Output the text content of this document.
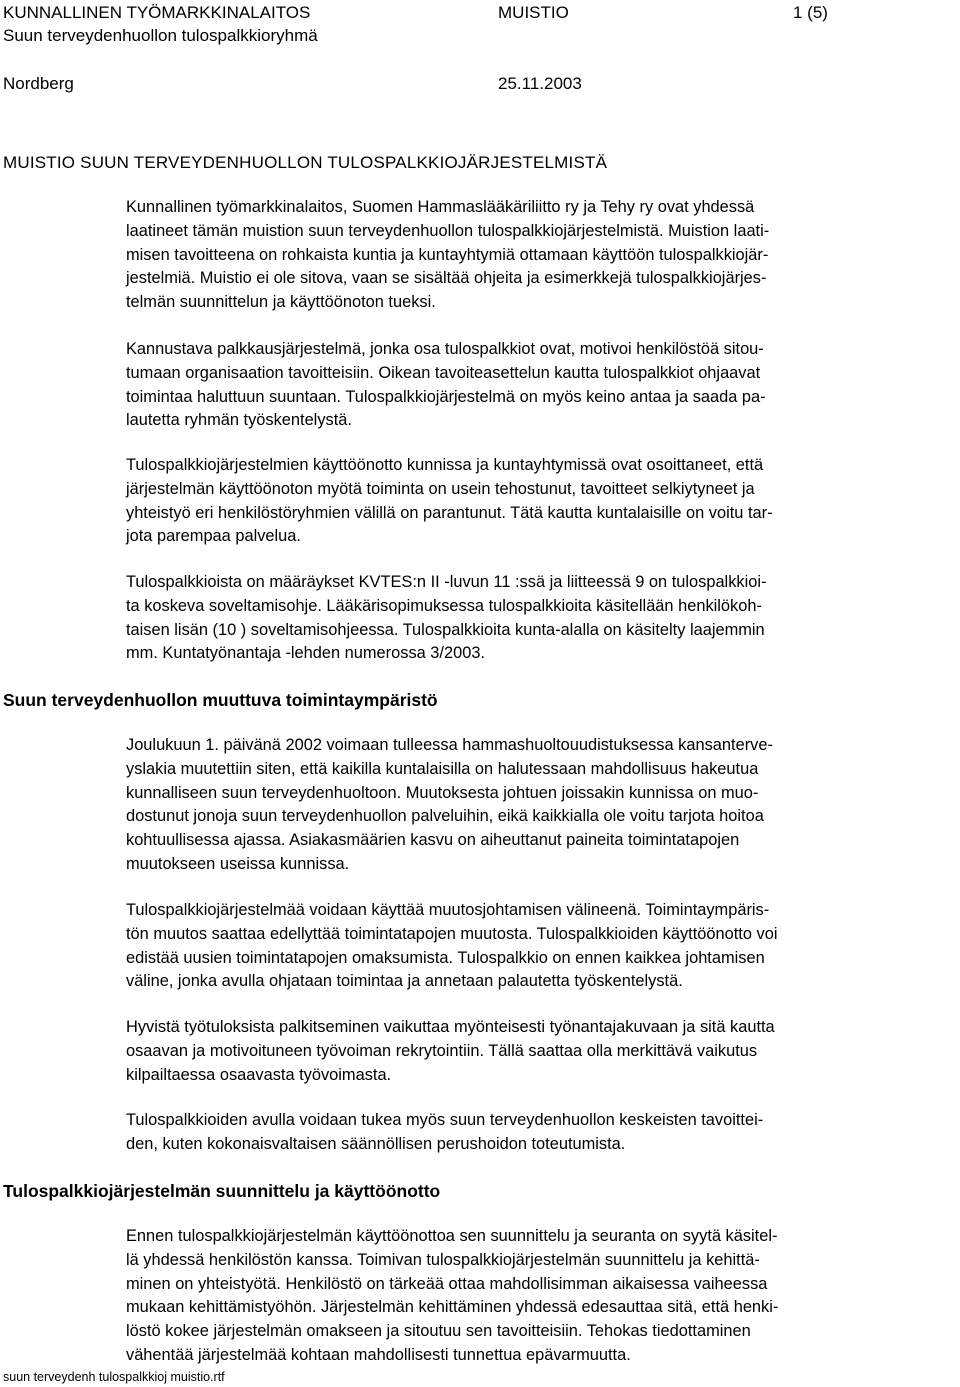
KUNNALLINEN TYÖMARKKINALAITOS	MUISTIO	1 (5)
Suun terveydenhuollon tulospalkkioryhmä
Nordberg	25.11.2003
MUISTIO SUUN TERVEYDENHUOLLON TULOSPALKKIOJÄRJESTELMISTÄ
Kunnallinen työmarkkinalaitos, Suomen Hammaslääkäriliitto ry ja Tehy ry ovat yhdessä
laatineet tämän muistion suun terveydenhuollon tulospalkkiojärjestelmistä. Muistion laati-
misen tavoitteena on rohkaista kuntia ja kuntayhtymiä ottamaan käyttöön tulospalkkiojär-
jestelmiä. Muistio ei ole sitova, vaan se sisältää ohjeita ja esimerkkejä tulospalkkiojärjes-
telmän suunnittelun ja käyttöönoton tueksi.
Kannustava palkkausjärjestelmä, jonka osa tulospalkkiot ovat, motivoi henkilöstöä sitou-
tumaan organisaation tavoitteisiin. Oikean tavoiteasettelun kautta tulospalkkiot ohjaavat
toimintaa haluttuun suuntaan. Tulospalkkiojärjestelmä on myös keino antaa ja saada pa-
lautetta ryhmän työskentelystä.
Tulospalkkiojärjestelmien käyttöönotto kunnissa ja kuntayhtymissä ovat osoittaneet, että
järjestelmän käyttöönoton myötä toiminta on usein tehostunut, tavoitteet selkiytyneet ja
yhteistyö eri henkilöstöryhmien välillä on parantunut. Tätä kautta kuntalaisille on voitu tar-
jota parempaa palvelua.
Tulospalkkioista on määräykset KVTES:n II -luvun 11 :ssä ja liitteessä 9 on tulospalkkioi-
ta koskeva soveltamisohje. Lääkärisopimuksessa tulospalkkioita käsitellään henkilökoh-
taisen lisän (10 ) soveltamisohjeessa. Tulospalkkioita kunta-alalla on käsitelty laajemmin
mm. Kuntatyönantaja -lehden numerossa 3/2003.
Suun terveydenhuollon muuttuva toimintaympäristö
Joulukuun 1. päivänä 2002 voimaan tulleessa hammashuoltouudistuksessa kansanterve-
yslakia muutettiin siten, että kaikilla kuntalaisilla on halutessaan mahdollisuus hakeutua
kunnalliseen suun terveydenhuoltoon. Muutoksesta johtuen joissakin kunnissa on muo-
dostunut jonoja suun terveydenhuollon palveluihin, eikä kaikkialla ole voitu tarjota hoitoa
kohtuullisessa ajassa. Asiakasmäärien kasvu on aiheuttanut paineita toimintatapojen
muutokseen useissa kunnissa.
Tulospalkkiojärjestelmää voidaan käyttää muutosjohtamisen välineenä. Toimintaympäris-
tön muutos saattaa edellyttää toimintatapojen muutosta. Tulospalkkioiden käyttöönotto voi
edistää uusien toimintatapojen omaksumista. Tulospalkkio on ennen kaikkea johtamisen
väline, jonka avulla ohjataan toimintaa ja annetaan palautetta työskentelystä.
Hyvistä työtuloksista palkitseminen vaikuttaa myönteisesti työnantajakuvaan ja sitä kautta
osaavan ja motivoituneen työvoiman rekrytointiin. Tällä saattaa olla merkittävä vaikutus
kilpailtaessa osaavasta työvoimasta.
Tulospalkkioiden avulla voidaan tukea myös suun terveydenhuollon keskeisten tavoittei-
den, kuten kokonaisvaltaisen säännöllisen perushoidon toteutumista.
Tulospalkkiojärjestelmän suunnittelu ja käyttöönotto
Ennen tulospalkkiojärjestelmän käyttöönottoa sen suunnittelu ja seuranta on syytä käsitel-
lä yhdessä henkilöstön kanssa. Toimivan tulospalkkiojärjestelmän suunnittelu ja kehittä-
minen on yhteistyötä. Henkilöstö on tärkeää ottaa mahdollisimman aikaisessa vaiheessa
mukaan kehittämistyöhön. Järjestelmän kehittäminen yhdessä edesauttaa sitä, että henki-
löstö kokee järjestelmän omakseen ja sitoutuu sen tavoitteisiin. Tehokas tiedottaminen
vähentää järjestelmää kohtaan mahdollisesti tunnettua epävarmuutta.
suun terveydenh tulospalkkioj muistio.rtf
